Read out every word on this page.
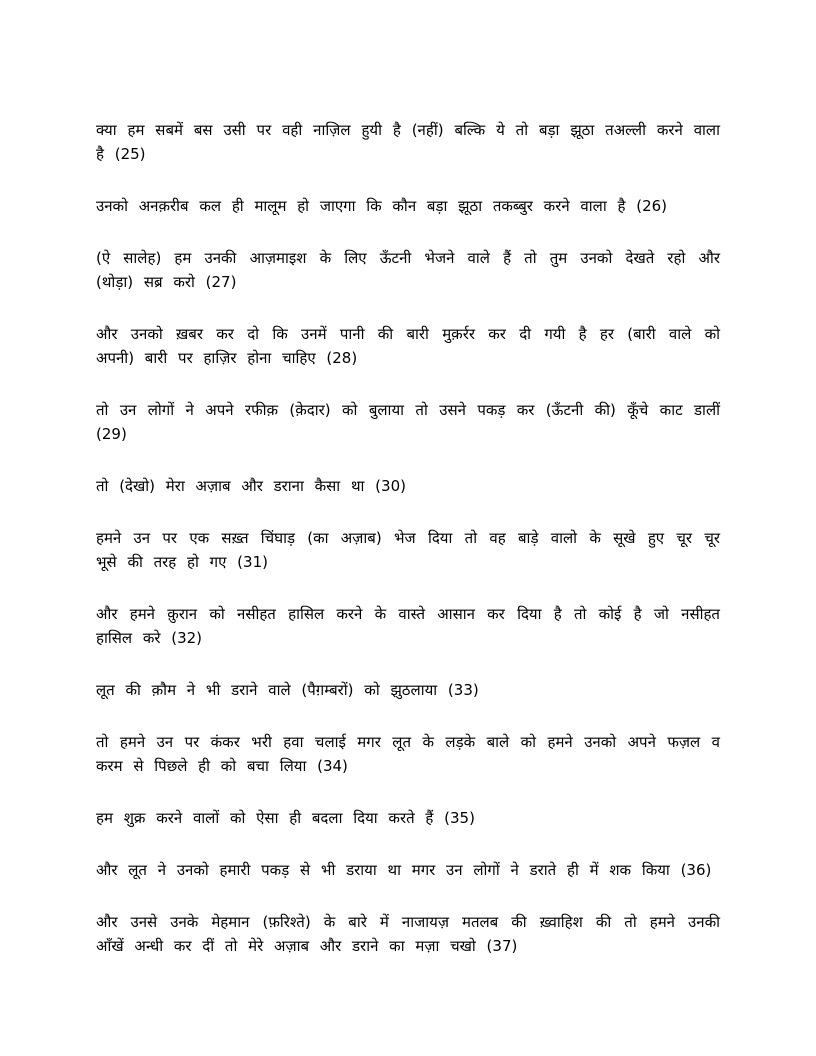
क्या हम सबमें बस उसी पर वही नाज़िल हुयी है (नहीं) बल्कि ये तो बड़ा झूठा तअल्ली करने वाला है (25)

उनको अनक़रीब कल ही मालूम हो जाएगा कि कौन बड़ा झूठा तकब्बुर करने वाला है (26)

(ऐ सालेह) हम उनकी आज़माइश के लिए ऊँटनी भेजने वाले हैं तो तुम उनको देखते रहो और (थोड़ा) सब्र करो (27)

और उनको ख़बर कर दो कि उनमें पानी की बारी मुक़र्रर कर दी गयी है हर (बारी वाले को अपनी) बारी पर हाज़िर होना चाहिए (28)

तो उन लोगों ने अपने रफीक़ (क़ेदार) को बुलाया तो उसने पकड़ कर (ऊँटनी की) कूँचे काट डालीं (29)

तो (देखो) मेरा अज़ाब और डराना कैसा था (30)

हमने उन पर एक सख़्त चिंघाड़ (का अज़ाब) भेज दिया तो वह बाड़े वालो के सूखे हुए चूर चूर भूसे की तरह हो गए (31)

और हमने क़ुरान को नसीहत हासिल करने के वास्ते आसान कर दिया है तो कोई है जो नसीहत हासिल करे (32)

लूत की क़ौम ने भी डराने वाले (पैग़म्बरों) को झुठलाया (33)

तो हमने उन पर कंकर भरी हवा चलाई मगर लूत के लड़के बाले को हमने उनको अपने फज़ल व करम से पिछले ही को बचा लिया (34)

हम शुक्र करने वालों को ऐसा ही बदला दिया करते हैं (35)

और लूत ने उनको हमारी पकड़ से भी डराया था मगर उन लोगों ने डराते ही में शक किया (36)

और उनसे उनके मेहमान (फ़रिश्ते) के बारे में नाजायज़ मतलब की ख़्वाहिश की तो हमने उनकी आँखें अन्धी कर दीं तो मेरे अज़ाब और डराने का मज़ा चखो (37)
